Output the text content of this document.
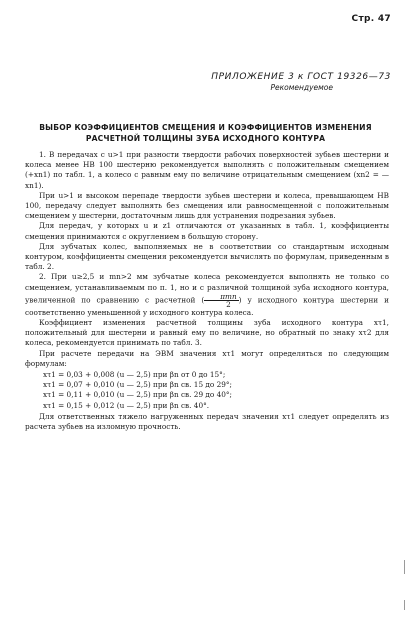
Стр. 47
ПРИЛОЖЕНИЕ 3 к ГОСТ 19326—73
Рекомендуемое
ВЫБОР КОЭФФИЦИЕНТОВ СМЕЩЕНИЯ И КОЭФФИЦИЕНТОВ ИЗМЕНЕНИЯ
РАСЧЕТНОЙ ТОЛЩИНЫ ЗУБА ИСХОДНОГО КОНТУРА

1. В передачах с u>1 при разности твердости рабочих поверхностей зубьев шестерни и колеса менее HB 100 шестерню рекомендуется выполнять с положительным смещением (+xn1) по табл. 1, а колесо с равным ему по величине отрицательным смещением (xn2 = —xn1).

При u>1 и высоком перепаде твердости зубьев шестерни и колеса, превышающем HB 100, передачу следует выполнять без смещения или равносмещенной с положительным смещением у шестерни, достаточным лишь для устранения подрезания зубьев.

Для передач, у которых u и z1 отличаются от указанных в табл. 1, коэффициенты смещения принимаются с округлением в большую сторону.

Для зубчатых колес, выполняемых не в соответствии со стандартным исходным контуром, коэффициенты смещения рекомендуется вычислять по формулам, приведенным в табл. 2.

2. При u≥2,5 и mn>2 мм зубчатые колеса рекомендуется выполнять не только со смещением, устанавливаемым по п. 1, но и с различной толщиной зуба исходного контура, увеличенной по сравнению с расчетной ( $\frac{\text{πmn}}{2}$ ) у исходного контура шестерни и соответственно уменьшенной у исходного контура колеса.

Коэффициент изменения расчетной толщины зуба исходного контура xτ1, положительный для шестерни и равный ему по величине, но обратный по знаку xτ2 для колеса, рекомендуется принимать по табл. 3.

При расчете передачи на ЭВМ значения xτ1 могут определяться по следующим формулам:

xτ1 = 0,03 + 0,008 (u — 2,5) при βn от 0 до 15°;
xτ1 = 0,07 + 0,010 (u — 2,5) при βn св. 15 до 29°;
xτ1 = 0,11 + 0,010 (u — 2,5) при βn св. 29 до 40°;
xτ1 = 0,15 + 0,012 (u — 2,5) при βn св. 40°.

Для ответственных тяжело нагруженных передач значения xτ1 следует определять из расчета зубьев на изломную прочность.
